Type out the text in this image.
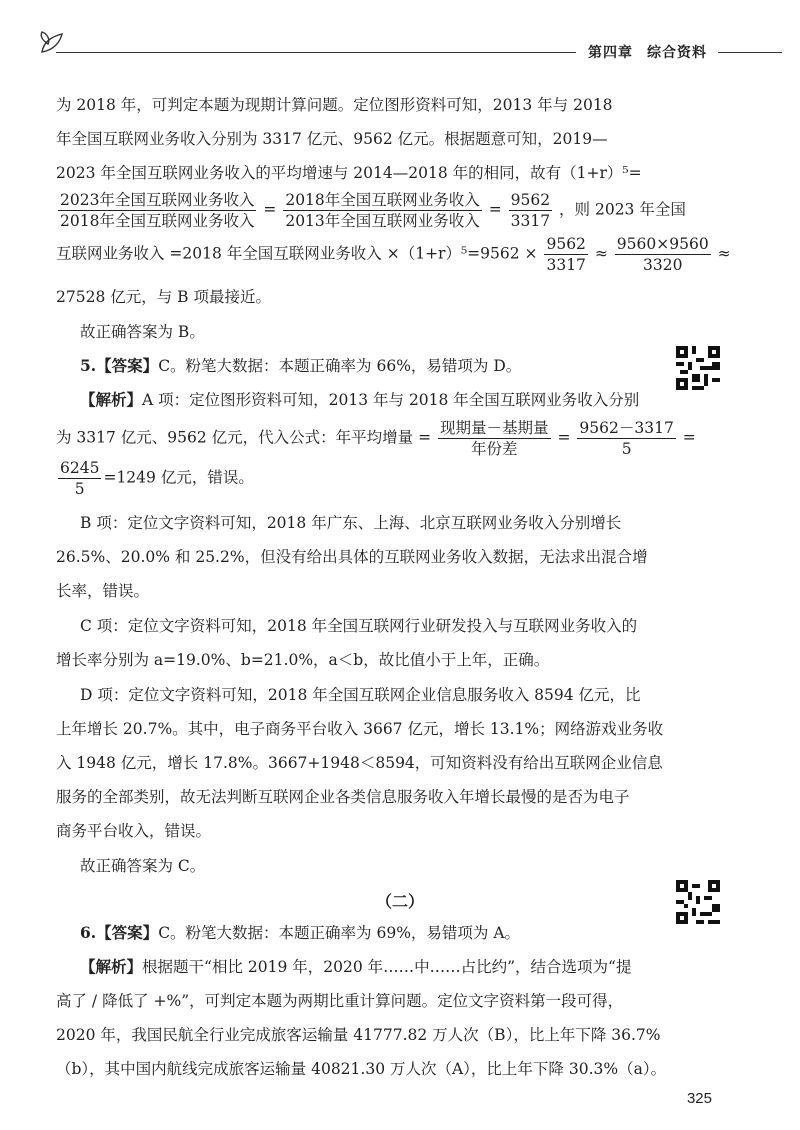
第四章 综合资料
为 2018 年，可判定本题为现期计算问题。定位图形资料可知，2013 年与 2018
年全国互联网业务收入分别为 3317 亿元、9562 亿元。根据题意可知，2019—
2023 年全国互联网业务收入的平均增速与 2014—2018 年的相同，故有（1+r）⁵=
$\frac{\text{2023年全国互联网业务收入}}{\text{2018年全国互联网业务收入}} = \frac{\text{2018年全国互联网业务收入}}{\text{2013年全国互联网业务收入}} = \frac{9562}{3317}$ ，则 2023 年全国
互联网业务收入 =2018 年全国互联网业务收入 $\times(1+r)^5=9562 \times \frac{9562}{3317} \approx \frac{9560\times 9560}{3320}$ ≈
27528 亿元，与 B 项最接近。
故正确答案为 B。
5.【答案】C。粉笔大数据：本题正确率为 66%，易错项为 D。
【解析】A 项：定位图形资料可知，2013 年与 2018 年全国互联网业务收入分别
为 3317 亿元、9562 亿元，代入公式：年平均增量 = $\frac{\text{现期量－基期量}}{\text{年份差}} = \frac{9562-3317}{5}$ =
$\frac{6245}{5} =1249$ 亿元，错误。
B 项：定位文字资料可知，2018 年广东、上海、北京互联网业务收入分别增长
26.5%、20.0% 和 25.2%，但没有给出具体的互联网业务收入数据，无法求出混合增
长率，错误。
C 项：定位文字资料可知，2018 年全国互联网行业研发投入与互联网业务收入的
增长率分别为 a=19.0%、b=21.0%，a＜b，故比值小于上年，正确。
D 项：定位文字资料可知，2018 年全国互联网企业信息服务收入 8594 亿元，比
上年增长 20.7%。其中，电子商务平台收入 3667 亿元，增长 13.1%；网络游戏业务收
入 1948 亿元，增长 17.8%。3667+1948＜8594，可知资料没有给出互联网企业信息
服务的全部类别，故无法判断互联网企业各类信息服务收入年增长最慢的是否为电子
商务平台收入，错误。
故正确答案为 C。
（二）
6.【答案】C。粉笔大数据：本题正确率为 69%，易错项为 A。
【解析】根据题干“相比 2019 年，2020 年……中……占比约”，结合选项为“提
高了 / 降低了 +%”，可判定本题为两期比重计算问题。定位文字资料第一段可得，
2020 年，我国民航全行业完成旅客运输量 41777.82 万人次（B），比上年下降 36.7%
（b），其中国内航线完成旅客运输量 40821.30 万人次（A），比上年下降 30.3%（a）。
325
